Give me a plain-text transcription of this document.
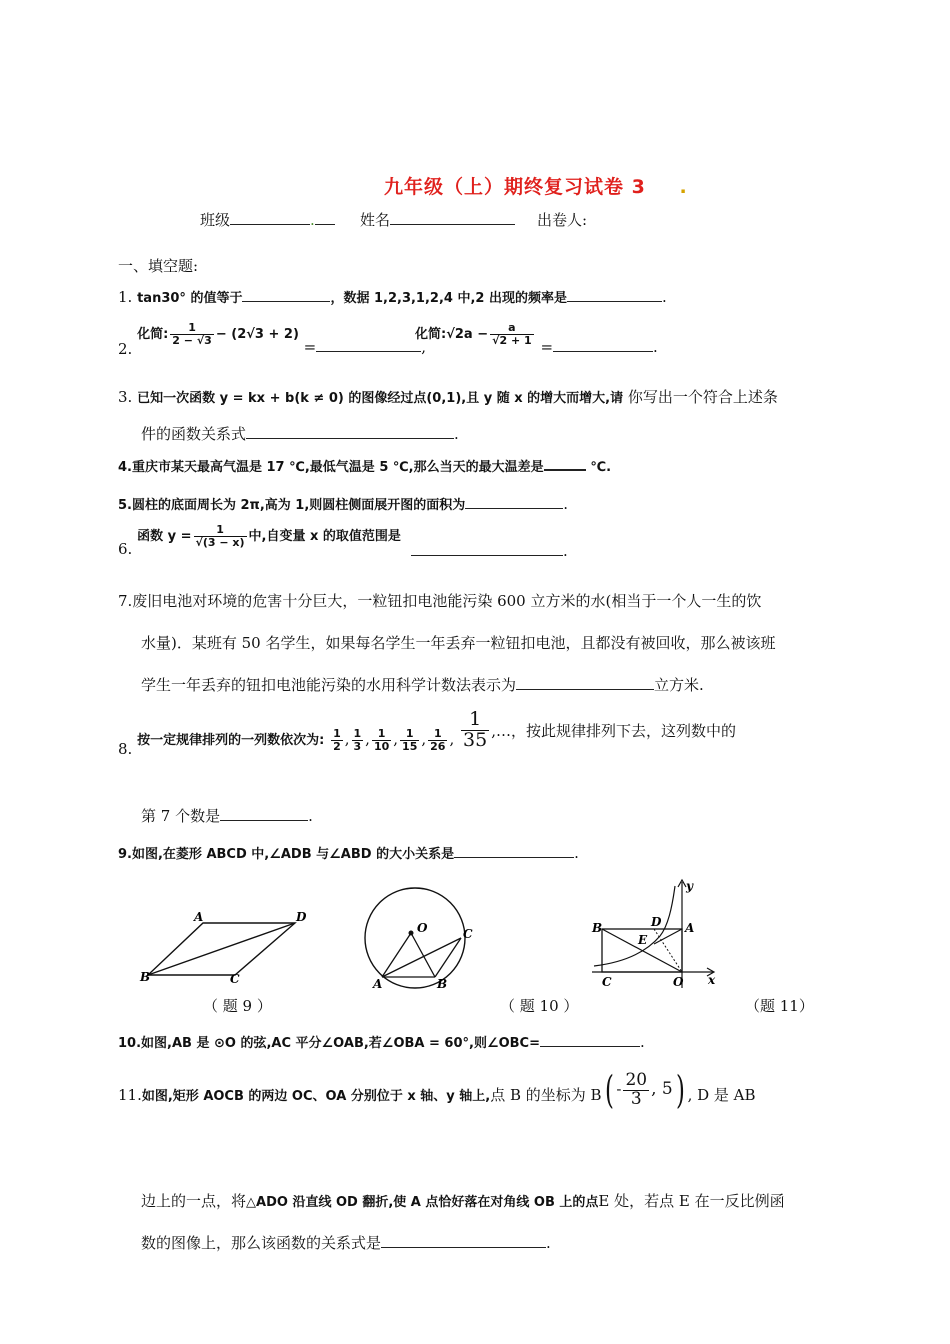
九年级（上）期终复习试卷 3 .
班级	.	姓名	出卷人:
一、填空题:
1. tan30° 的值等于	，数据 1,2,3,1,2,4 中,2 出现的频率是	.
2. 化简: $\frac{1}{2 - √3} - (2√3 + 2)$ =	,
化简:√2a − $\frac{a}{√2 + 1}$
=	.
3. 已知一次函数 y = kx + b(k ≠ 0) 的图像经过点(0,1),且 y 随 x 的增大而增大,请 你写出一个符合上述条
件的函数关系式	.
4.重庆市某天最高气温是 17 ℃,最低气温是 5 ℃,那么当天的最大温差是	℃.
5.圆柱的底面周长为 2π,高为 1,则圆柱侧面展开图的面积为	.
6. 函数 $y = \frac{1}{√(3 - x)}$ 中,自变量 x 的取值范围是
.
7.废旧电池对环境的危害十分巨大，一粒钮扣电池能污染 600 立方米的水(相当于一个人一生的饮
水量)．某班有 50 名学生，如果每名学生一年丢弃一粒钮扣电池，且都没有被回收，那么被该班
学生一年丢弃的钮扣电池能污染的水用科学计数法表示为	立方米.
8. 按一定规律排列的一列数依次为: $\frac{1}{2}$ , $\frac{1}{3}$ , $\frac{1}{10}$ , $\frac{1}{15}$ , $\frac{1}{26}$ , $\frac{1}{35}$ ,…，按此规律排列下去，这列数中的
第 7 个数是	.
9.如图,在菱形 ABCD 中,∠ADB 与∠ABD 的大小关系是	.
A	D
B	C
O	C
A	B
y
B	D A
E
C	O x
（ 题 9 ）	（ 题 10 ）	（题 11）
10.如图,AB 是 ⊙O 的弦,AC 平分∠OAB,若∠OBA = 60°,则∠OBC=	.
11.如图,矩形 AOCB 的两边 OC、OA 分别位于 x 轴、y 轴上,点 B 的坐标为 $B( - \frac{20}{3}$ , 5) , D 是 AB
边上的一点，将△ADO 沿直线 OD 翻折,使 A 点恰好落在对角线 OB 上的点E 处，若点 E 在一反比例函
数的图像上，那么该函数的关系式是	.
